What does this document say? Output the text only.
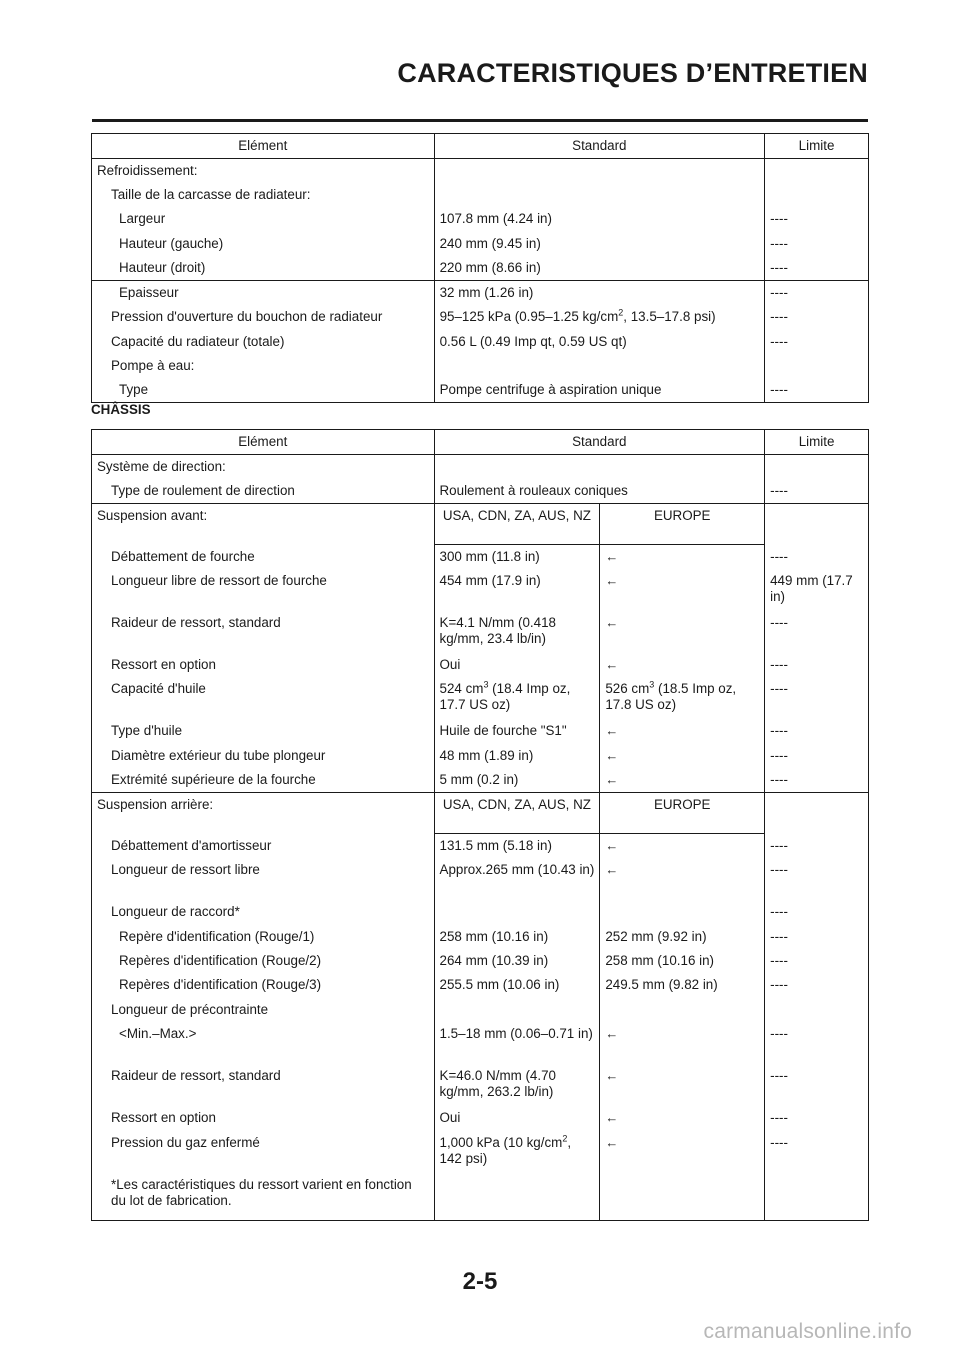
CARACTERISTIQUES D’ENTRETIEN
Elément	Standard	Limite
Refroidissement:		
Taille de la carcasse de radiateur:		
Largeur	107.8 mm (4.24 in)	----
Hauteur (gauche)	240 mm (9.45 in)	----
Hauteur (droit)	220 mm (8.66 in)	----
Epaisseur	32 mm (1.26 in)	----
Pression d'ouverture du bouchon de radiateur	95–125 kPa (0.95–1.25 $kg/cm^2$, 13.5–17.8 psi)	----
Capacité du radiateur (totale)	0.56 L (0.49 Imp qt, 0.59 US qt)	----
Pompe à eau:		
Type	Pompe centrifuge à aspiration unique	----
CHÂSSIS
Elément	Standard		Limite
Système de direction:			
Type de roulement de direction	Roulement à rouleaux coniques		----
Suspension avant:	USA, CDN, ZA, AUS, NZ	EUROPE	
Débattement de fourche	300 mm (11.8 in)	←	----
Longueur libre de ressort de fourche	454 mm (17.9 in)	←	449 mm (17.7 in)
Raideur de ressort, standard	K=4.1 N/mm (0.418 kg/mm, 23.4 lb/in)	←	----
Ressort en option	Oui	←	----
Capacité d'huile	524 $cm^3$ (18.4 Imp oz, 17.7 US oz)	526 $cm^3$ (18.5 Imp oz, 17.8 US oz)	----
Type d'huile	Huile de fourche "S1"	←	----
Diamètre extérieur du tube plongeur	48 mm (1.89 in)	←	----
Extrémité supérieure de la fourche	5 mm (0.2 in)	←	----
Suspension arrière:	USA, CDN, ZA, AUS, NZ	EUROPE	
Débattement d'amortisseur	131.5 mm (5.18 in)	←	----
Longueur de ressort libre	Approx.265 mm (10.43 in)	←	----
Longueur de raccord*			----
Repère d'identification (Rouge/1)	258 mm (10.16 in)	252 mm (9.92 in)	----
Repères d'identification (Rouge/2)	264 mm (10.39 in)	258 mm (10.16 in)	----
Repères d'identification (Rouge/3)	255.5 mm (10.06 in)	249.5 mm (9.82 in)	----
Longueur de précontrainte			
<Min.–Max.>	1.5–18 mm (0.06–0.71 in)	←	----
Raideur de ressort, standard	K=46.0 N/mm (4.70 kg/mm, 263.2 lb/in)	←	----
Ressort en option	Oui	←	----
Pression du gaz enfermé	1,000 kPa (10 $kg/cm^2$, 142 psi)	←	----
*Les caractéristiques du ressort varient en fonction du lot de fabrication.			
2-5
carmanualsonline.info
